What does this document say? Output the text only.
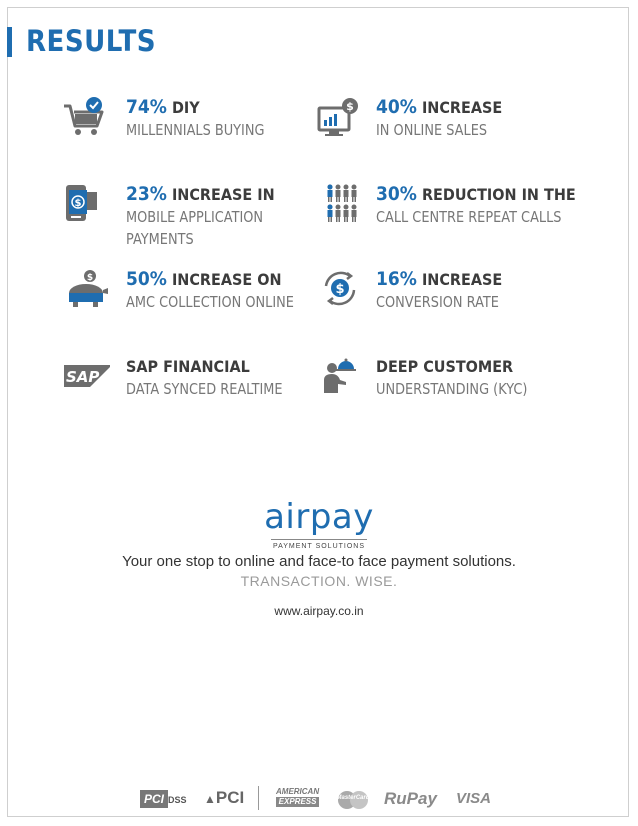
RESULTS
74% DIY
MILLENNIALS BUYING
$ 40% INCREASE
IN ONLINE SALES
$ 23% INCREASE IN
MOBILE APPLICATION
PAYMENTS
30% REDUCTION IN THE
CALL CENTRE REPEAT CALLS
$ 50% INCREASE ON
AMC COLLECTION ONLINE
$ 16% INCREASE
CONVERSION RATE
SAP
SAP FINANCIAL
DATA SYNCED REALTIME
DEEP CUSTOMER
UNDERSTANDING (KYC)
airpay
PAYMENT SOLUTIONS
Your one stop to online and face-to face payment solutions.
TRANSACTION. WISE.
www.airpay.co.in
PCI DSS ▲PCI	AMERICAN
EXPRESS	MasterCard RuPay VISA
